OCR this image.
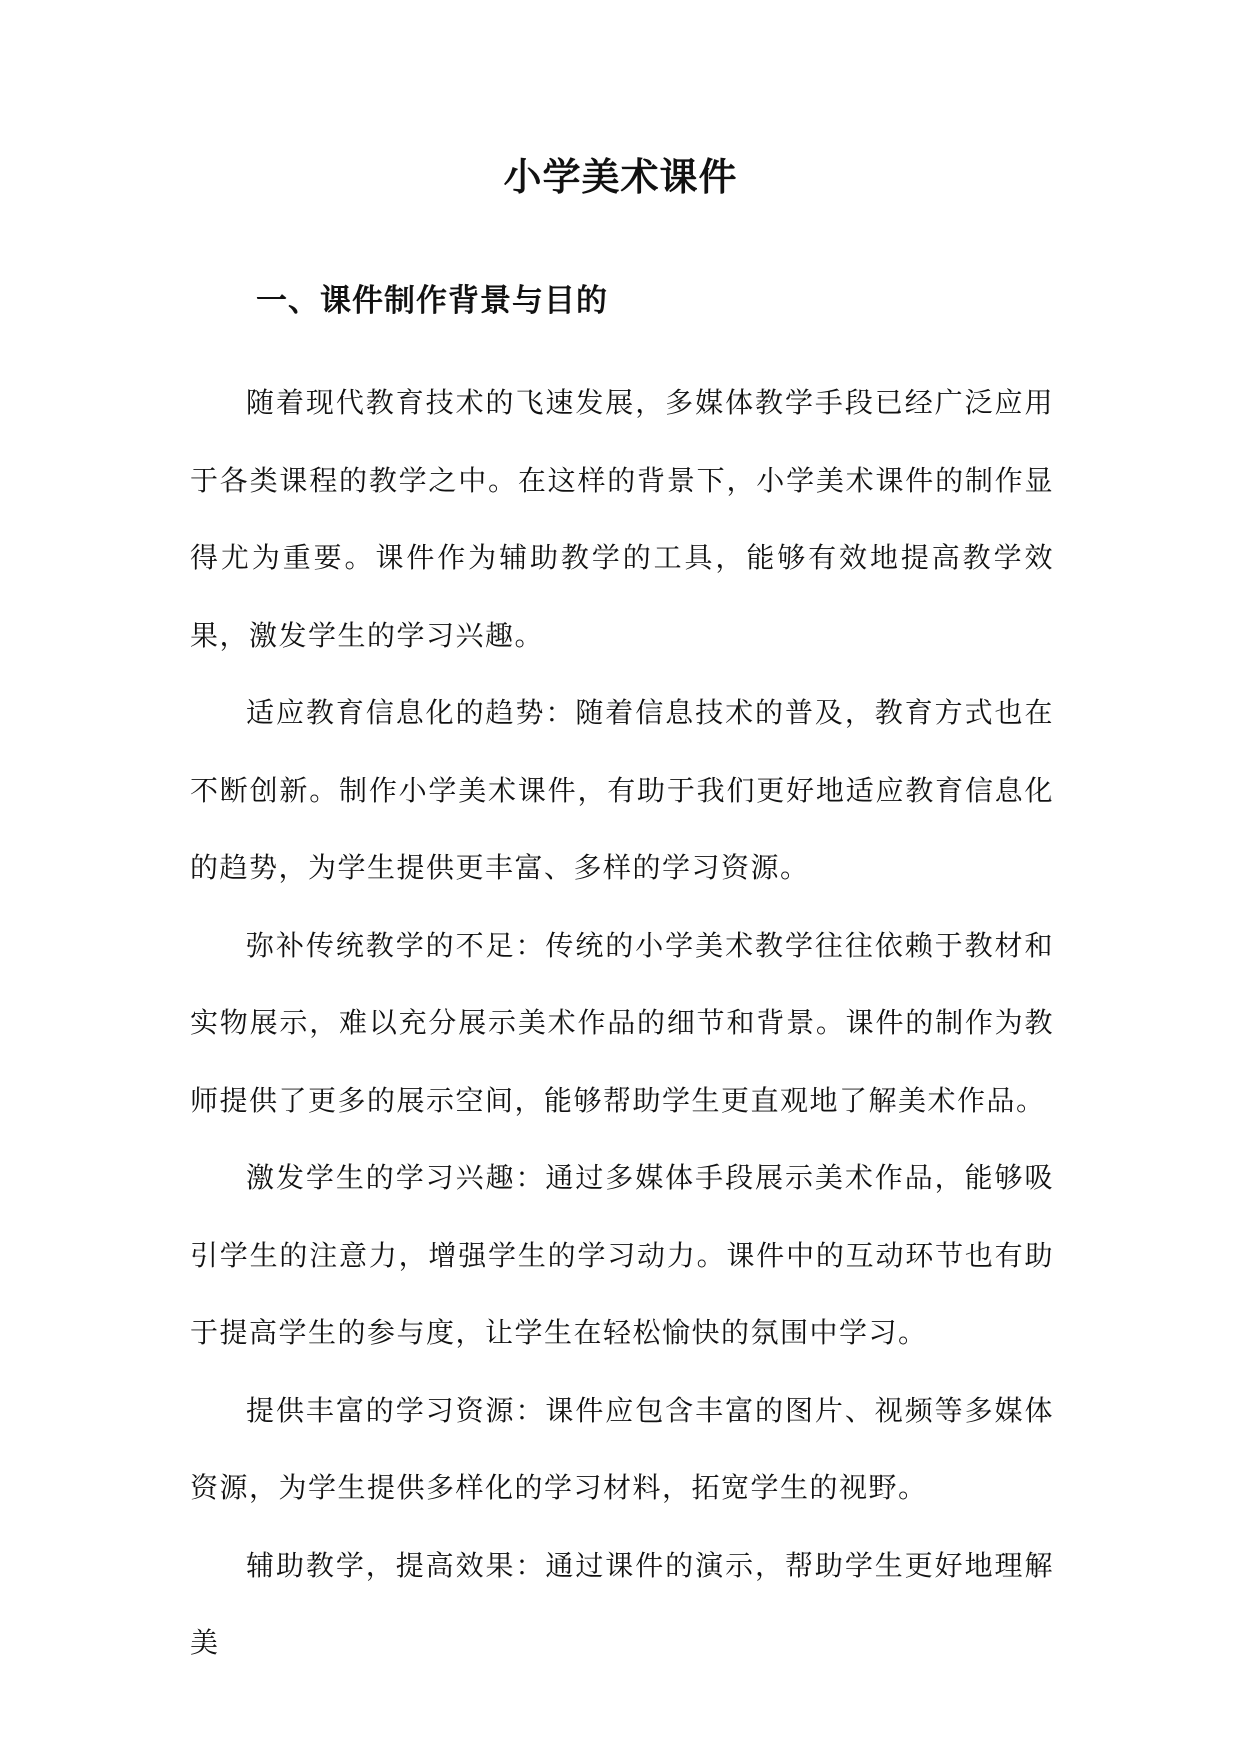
小学美术课件
一、课件制作背景与目的

随着现代教育技术的飞速发展，多媒体教学手段已经广泛应用于各类课程的教学之中。在这样的背景下，小学美术课件的制作显得尤为重要。课件作为辅助教学的工具，能够有效地提高教学效果，激发学生的学习兴趣。

适应教育信息化的趋势：随着信息技术的普及，教育方式也在不断创新。制作小学美术课件，有助于我们更好地适应教育信息化的趋势，为学生提供更丰富、多样的学习资源。

弥补传统教学的不足：传统的小学美术教学往往依赖于教材和实物展示，难以充分展示美术作品的细节和背景。课件的制作为教师提供了更多的展示空间，能够帮助学生更直观地了解美术作品。

激发学生的学习兴趣：通过多媒体手段展示美术作品，能够吸引学生的注意力，增强学生的学习动力。课件中的互动环节也有助于提高学生的参与度，让学生在轻松愉快的氛围中学习。

提供丰富的学习资源：课件应包含丰富的图片、视频等多媒体资源，为学生提供多样化的学习材料，拓宽学生的视野。

辅助教学，提高效果：通过课件的演示，帮助学生更好地理解美
